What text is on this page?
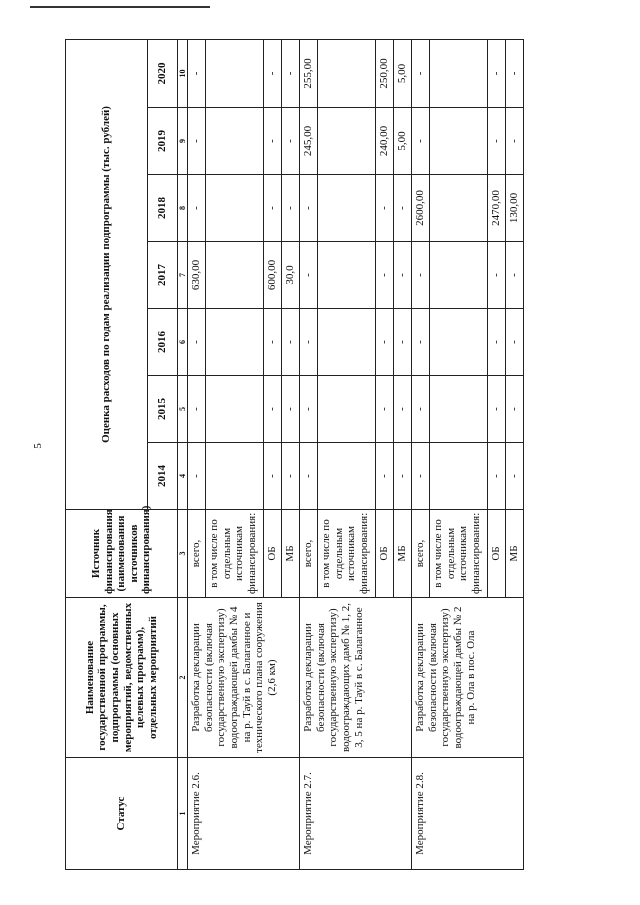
5
Статус	Наименование государственной программы, подпрограммы (основных мероприятий, ведомственных целевых программ), отдельных мероприятий	Источник финансирования (наименования источников финансирования)	Оценка расходов по годам реализации подпрограммы (тыс. рублей)						
			2014	2015	2016	2017	2018	2019	2020
1	2	3	4	5	6	7	8	9	10
Мероприятие 2.6.	Разработка декларации безопасности (включая государственную экспертизу) водоограждающей дамбы № 4 на р. Тауй в с. Балаганное и технического плана сооружения (2,6 км)	всего,	-	-	-	630,00	-	-	-
		в том числе по отдельным источникам финансирования:							
		ОБ	-	-	-	600,00	-	-	-
		МБ	-	-	-	30,0	-	-	-
Мероприятие 2.7.	Разработка декларации безопасности (включая государственную экспертизу) водоограждающих дамб № 1, 2, 3, 5 на р. Тауй в с. Балаганное	всего,	-	-	-	-	-	245,00	255,00
		в том числе по отдельным источникам финансирования:							
		ОБ	-	-	-	-	-	240,00	250,00
		МБ	-	-	-	-	-	5,00	5,00
Мероприятие 2.8.	Разработка декларации безопасности (включая государственную экспертизу) водоограждающей дамбы № 2 на р. Ола в пос. Ола	всего,	-	-	-	-	2600,00	-	-
		в том числе по отдельным источникам финансирования:							
		ОБ	-	-	-	-	2470,00	-	-
		МБ	-	-	-	-	130,00	-	-
